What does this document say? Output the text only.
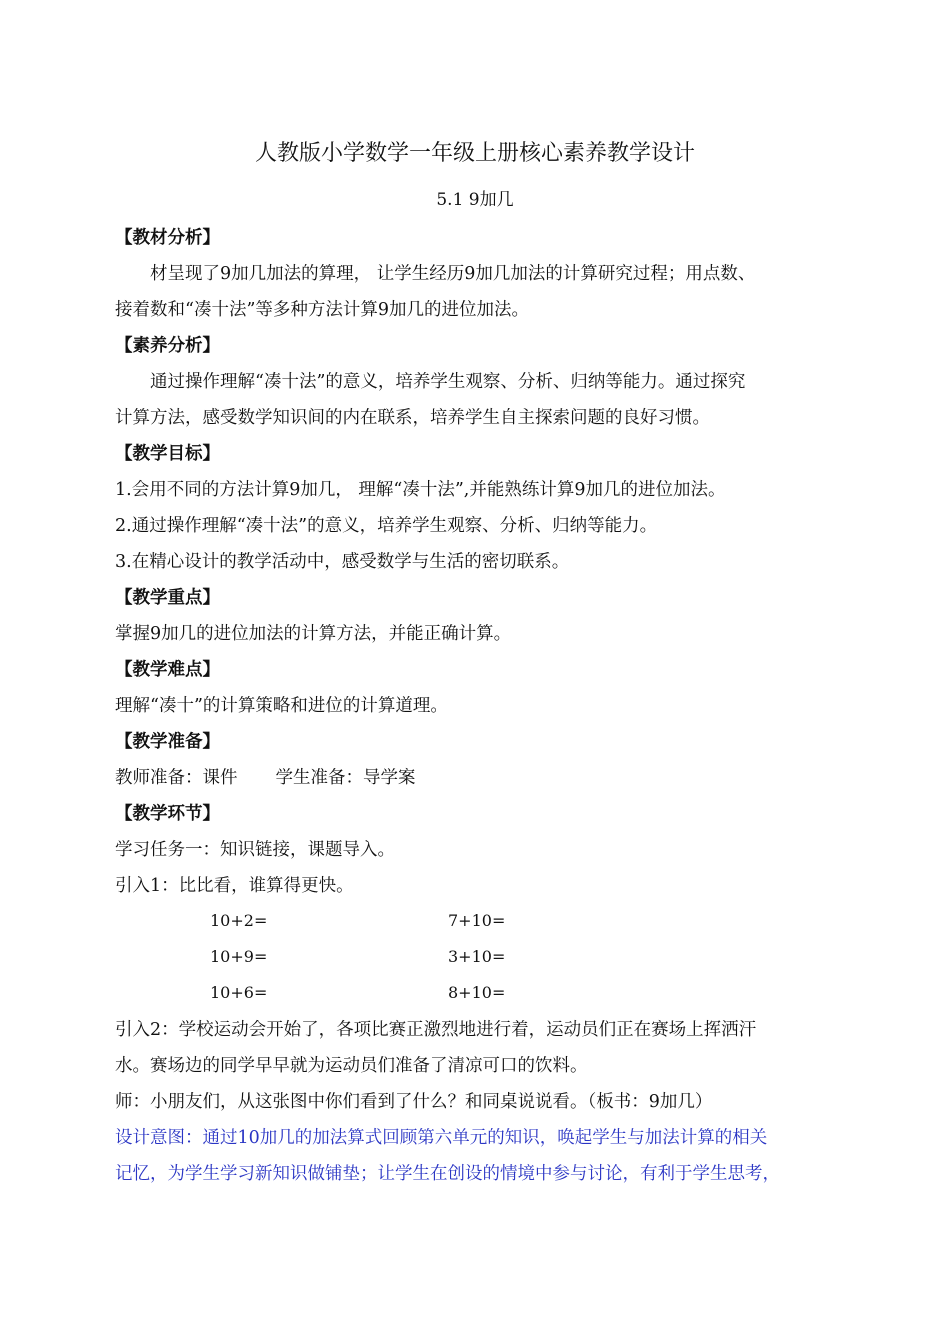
人教版小学数学一年级上册核心素养教学设计
5.1 9加几
【教材分析】
材呈现了9加几加法的算理， 让学生经历9加几加法的计算研究过程；用点数、
接着数和“凑十法”等多种方法计算9加几的进位加法。
【素养分析】
通过操作理解“凑十法”的意义，培养学生观察、分析、归纳等能力。通过探究
计算方法，感受数学知识间的内在联系，培养学生自主探索问题的良好习惯。
【教学目标】
1.会用不同的方法计算9加几， 理解“凑十法”,并能熟练计算9加几的进位加法。
2.通过操作理解“凑十法”的意义，培养学生观察、分析、归纳等能力。
3.在精心设计的教学活动中，感受数学与生活的密切联系。
【教学重点】
掌握9加几的进位加法的计算方法，并能正确计算。
【教学难点】
理解“凑十”的计算策略和进位的计算道理。
【教学准备】
教师准备：课件 学生准备：导学案
【教学环节】
学习任务一：知识链接，课题导入。
引入1：比比看，谁算得更快。
10+2=	7+10=
10+9=	3+10=
10+6=	8+10=
引入2：学校运动会开始了，各项比赛正激烈地进行着，运动员们正在赛场上挥洒汗
水。赛场边的同学早早就为运动员们准备了清凉可口的饮料。
师：小朋友们，从这张图中你们看到了什么？和同桌说说看。（板书：9加几）
设计意图：通过10加几的加法算式回顾第六单元的知识，唤起学生与加法计算的相关
记忆，为学生学习新知识做铺垫；让学生在创设的情境中参与讨论，有利于学生思考，
